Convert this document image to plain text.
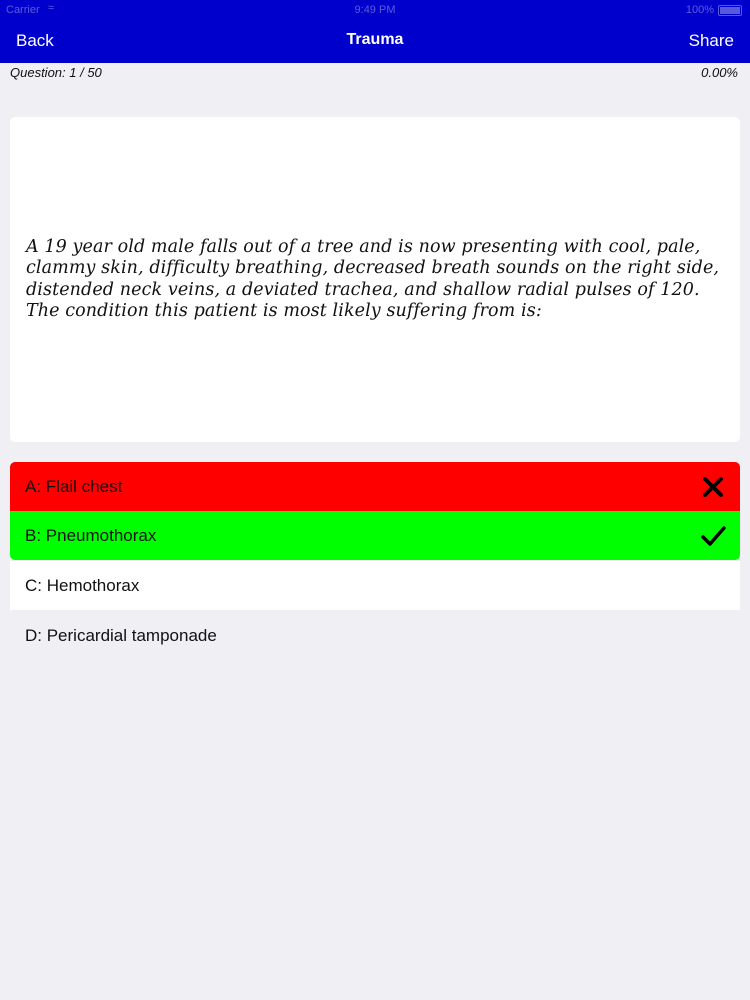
Carrier ≈	9:49 PM	100%
Back	Trauma	Share
Question: 1 / 50	0.00%
A 19 year old male falls out of a tree and is now presenting with cool, pale, clammy skin, difficulty breathing, decreased breath sounds on the right side, distended neck veins, a deviated trachea, and shallow radial pulses of 120. The condition this patient is most likely suffering from is:
A: Flail chest
B: Pneumothorax
C: Hemothorax
D: Pericardial tamponade
